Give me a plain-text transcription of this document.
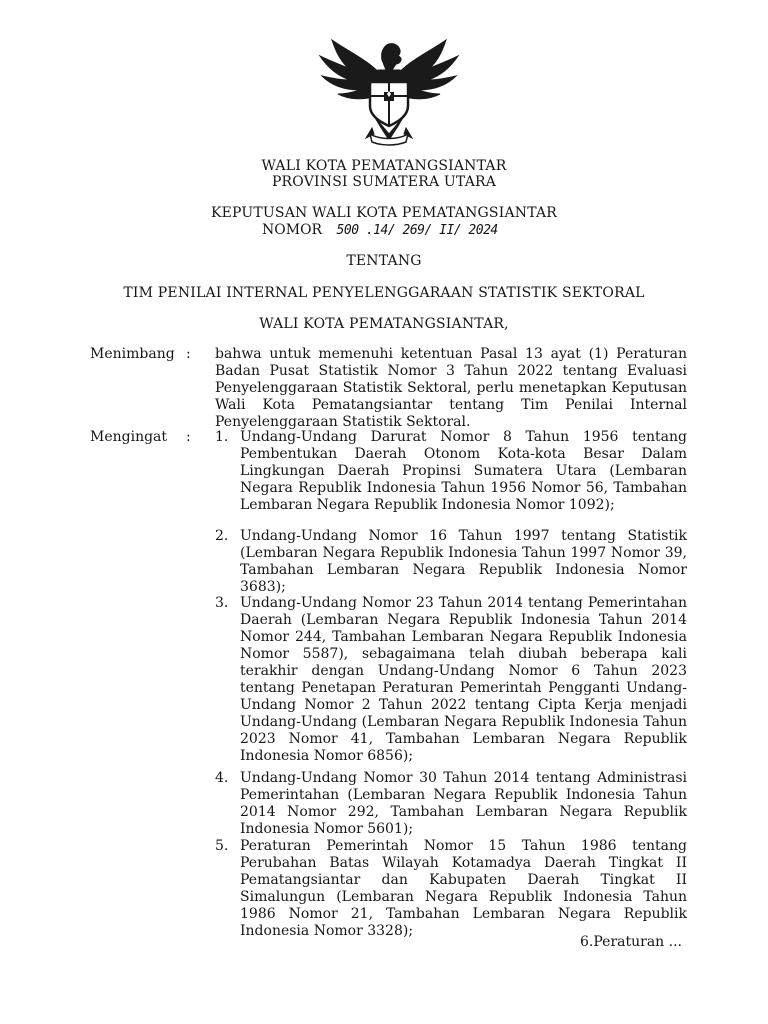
WALI KOTA PEMATANGSIANTAR
PROVINSI SUMATERA UTARA
KEPUTUSAN WALI KOTA PEMATANGSIANTAR
NOMOR 500 .14/ 269/ II/ 2024
TENTANG
TIM PENILAI INTERNAL PENYELENGGARAAN STATISTIK SEKTORAL
WALI KOTA PEMATANGSIANTAR,
Menimbang : bahwa untuk memenuhi ketentuan Pasal 13 ayat (1) Peraturan Badan Pusat Statistik Nomor 3 Tahun 2022 tentang Evaluasi Penyelenggaraan Statistik Sektoral, perlu menetapkan Keputusan Wali Kota Pematangsiantar tentang Tim Penilai Internal Penyelenggaraan Statistik Sektoral.

Mengingat : 1. Undang-Undang Darurat Nomor 8 Tahun 1956 tentang Pembentukan Daerah Otonom Kota-kota Besar Dalam Lingkungan Daerah Propinsi Sumatera Utara (Lembaran Negara Republik Indonesia Tahun 1956 Nomor 56, Tambahan Lembaran Negara Republik Indonesia Nomor 1092);

2. Undang-Undang Nomor 16 Tahun 1997 tentang Statistik (Lembaran Negara Republik Indonesia Tahun 1997 Nomor 39, Tambahan Lembaran Negara Republik Indonesia Nomor 3683);

3. Undang-Undang Nomor 23 Tahun 2014 tentang Pemerintahan Daerah (Lembaran Negara Republik Indonesia Tahun 2014 Nomor 244, Tambahan Lembaran Negara Republik Indonesia Nomor 5587), sebagaimana telah diubah beberapa kali terakhir dengan Undang-Undang Nomor 6 Tahun 2023 tentang Penetapan Peraturan Pemerintah Pengganti Undang-Undang Nomor 2 Tahun 2022 tentang Cipta Kerja menjadi Undang-Undang (Lembaran Negara Republik Indonesia Tahun 2023 Nomor 41, Tambahan Lembaran Negara Republik Indonesia Nomor 6856);

4. Undang-Undang Nomor 30 Tahun 2014 tentang Administrasi Pemerintahan (Lembaran Negara Republik Indonesia Tahun 2014 Nomor 292, Tambahan Lembaran Negara Republik Indonesia Nomor 5601);

5. Peraturan Pemerintah Nomor 15 Tahun 1986 tentang Perubahan Batas Wilayah Kotamadya Daerah Tingkat II Pematangsiantar dan Kabupaten Daerah Tingkat II Simalungun (Lembaran Negara Republik Indonesia Tahun 1986 Nomor 21, Tambahan Lembaran Negara Republik Indonesia Nomor 3328);

6.Peraturan ...
